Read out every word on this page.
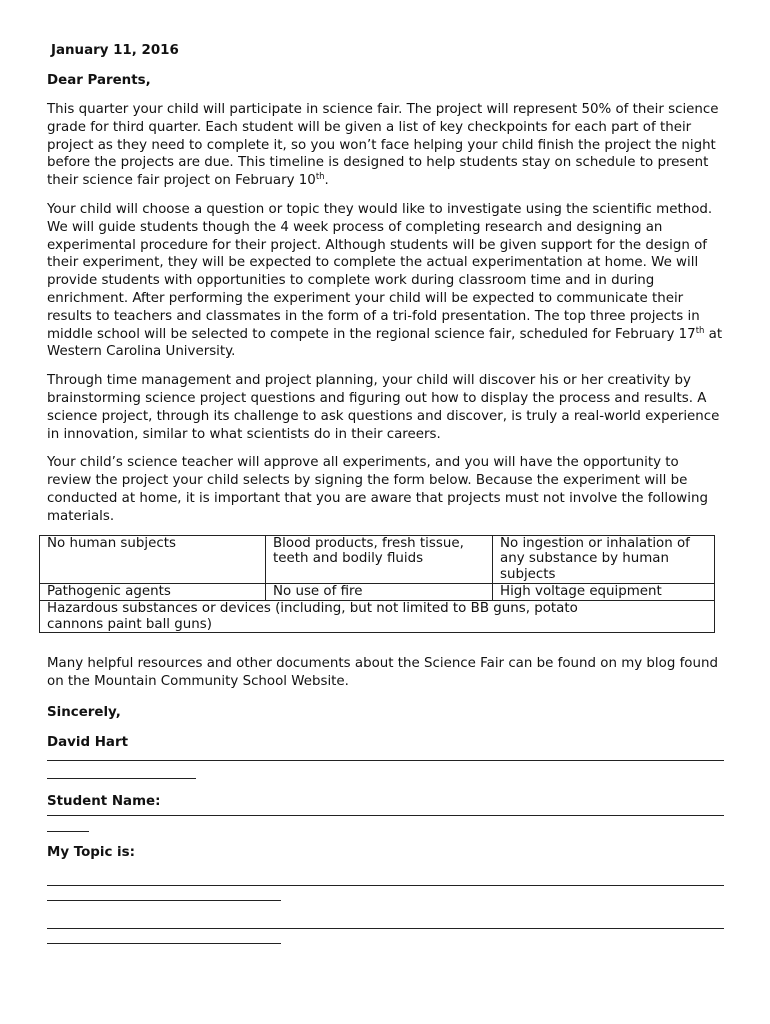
January 11, 2016
Dear Parents,

This quarter your child will participate in science fair. The project will represent 50% of their science grade for third quarter. Each student will be given a list of key checkpoints for each part of their project as they need to complete it, so you won’t face helping your child finish the project the night before the projects are due. This timeline is designed to help students stay on schedule to present their science fair project on February 10th.

Your child will choose a question or topic they would like to investigate using the scientific method. We will guide students though the 4 week process of completing research and designing an experimental procedure for their project. Although students will be given support for the design of their experiment, they will be expected to complete the actual experimentation at home. We will provide students with opportunities to complete work during classroom time and in during enrichment. After performing the experiment your child will be expected to communicate their results to teachers and classmates in the form of a tri-fold presentation. The top three projects in middle school will be selected to compete in the regional science fair, scheduled for February 17th at Western Carolina University.

Through time management and project planning, your child will discover his or her creativity by brainstorming science project questions and figuring out how to display the process and results. A science project, through its challenge to ask questions and discover, is truly a real-world experience in innovation, similar to what scientists do in their careers.

Your child’s science teacher will approve all experiments, and you will have the opportunity to review the project your child selects by signing the form below. Because the experiment will be conducted at home, it is important that you are aware that projects must not involve the following materials.

No human subjects	Blood products, fresh tissue, teeth and bodily fluids	No ingestion or inhalation of any substance by human subjects
Pathogenic agents	No use of fire	High voltage equipment
Hazardous substances or devices (including, but not limited to BB guns, potato cannons paint ball guns)		

Many helpful resources and other documents about the Science Fair can be found on my blog found on the Mountain Community School Website.

Sincerely,
David Hart
Student Name:
My Topic is:
